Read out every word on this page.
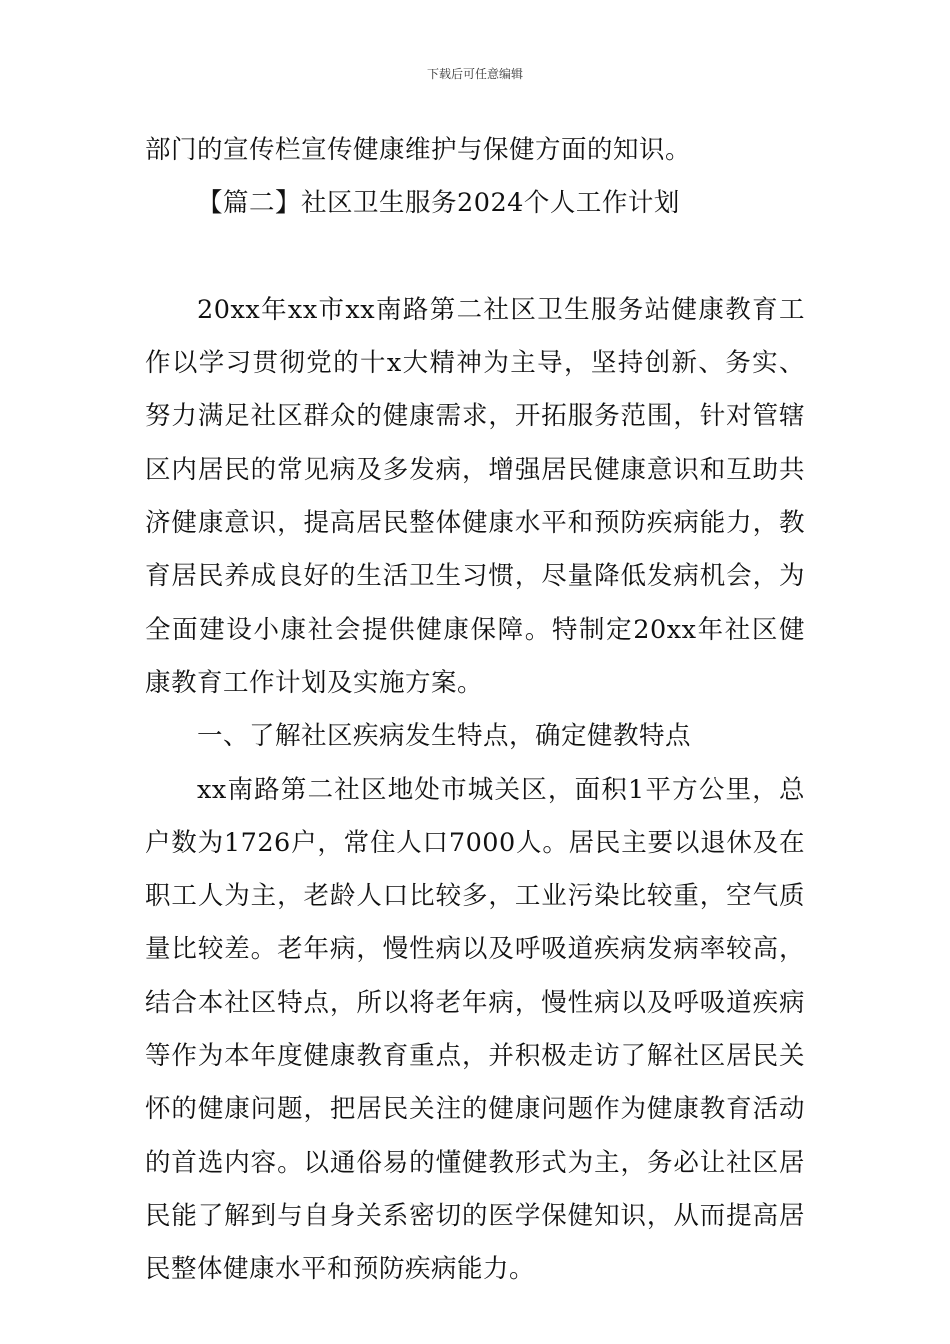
下载后可任意编辑

部门的宣传栏宣传健康维护与保健方面的知识。

【篇二】社区卫生服务2024个人工作计划

20xx年xx市xx南路第二社区卫生服务站健康教育工作以学习贯彻党的十x大精神为主导，坚持创新、务实、努力满足社区群众的健康需求，开拓服务范围，针对管辖区内居民的常见病及多发病，增强居民健康意识和互助共济健康意识，提高居民整体健康水平和预防疾病能力，教育居民养成良好的生活卫生习惯，尽量降低发病机会，为全面建设小康社会提供健康保障。特制定20xx年社区健康教育工作计划及实施方案。

一、了解社区疾病发生特点，确定健教特点

xx南路第二社区地处市城关区，面积1平方公里，总户数为1726户，常住人口7000人。居民主要以退休及在职工人为主，老龄人口比较多，工业污染比较重，空气质量比较差。老年病，慢性病以及呼吸道疾病发病率较高，结合本社区特点，所以将老年病，慢性病以及呼吸道疾病等作为本年度健康教育重点，并积极走访了解社区居民关怀的健康问题，把居民关注的健康问题作为健康教育活动的首选内容。以通俗易的懂健教形式为主，务必让社区居民能了解到与自身关系密切的医学保健知识，从而提高居民整体健康水平和预防疾病能力。
